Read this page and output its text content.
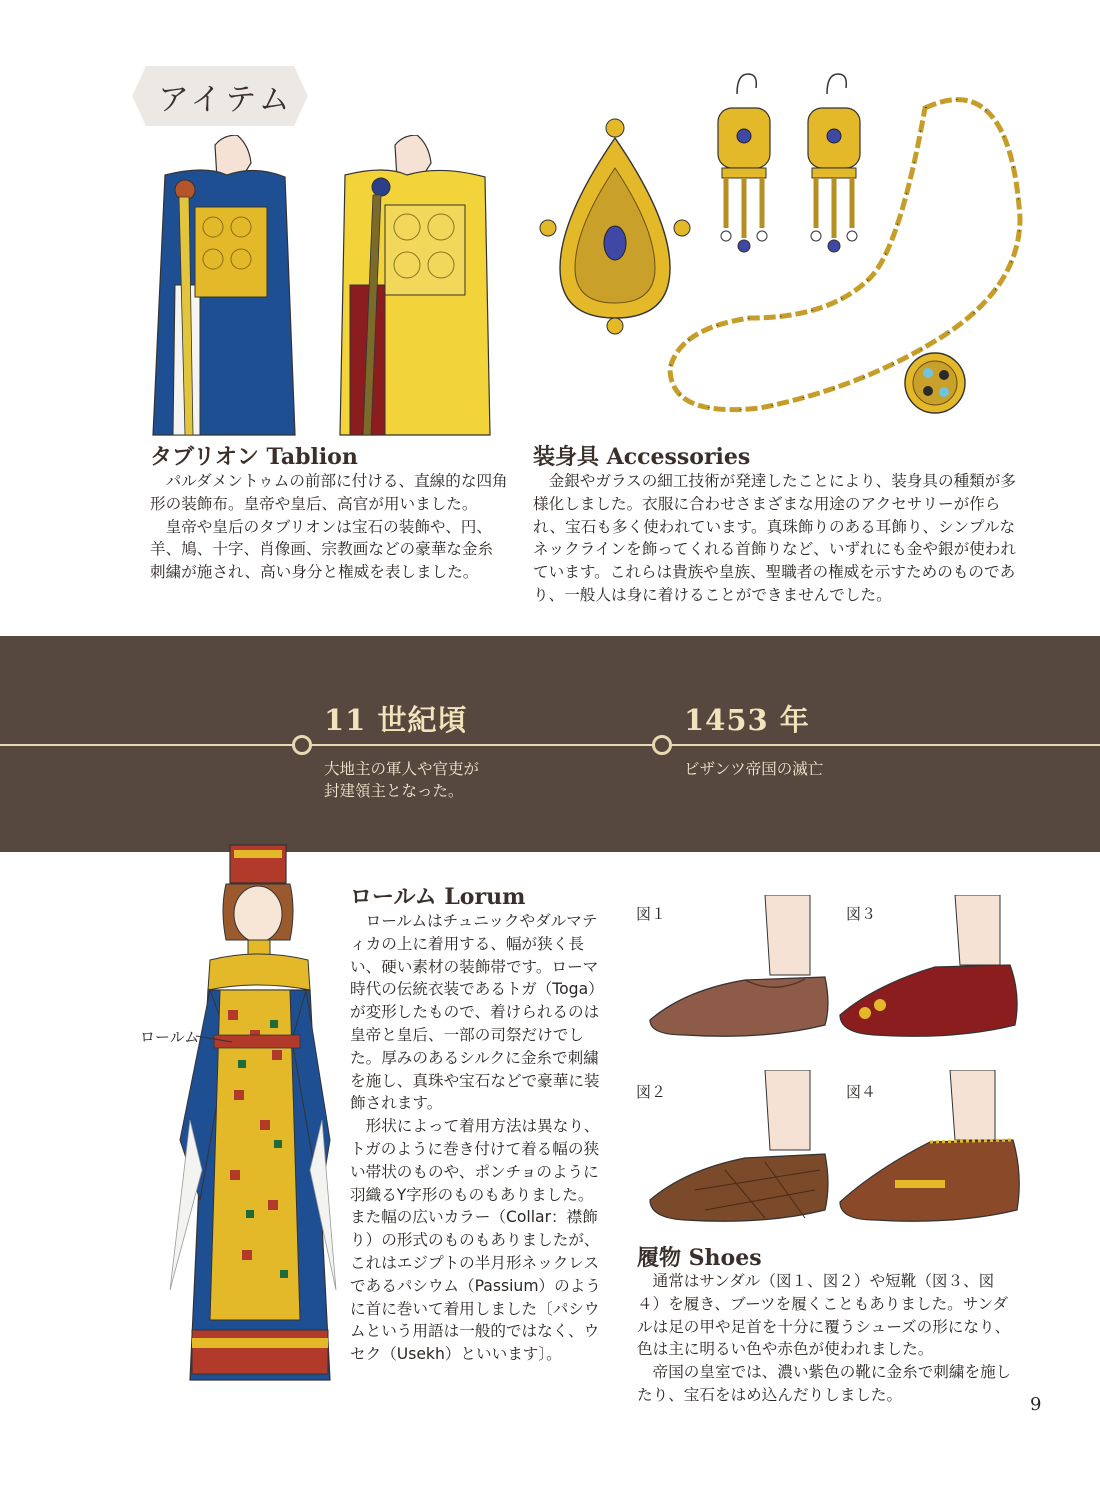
アイテム
タブリオン Tablion

パルダメントゥムの前部に付ける、直線的な四角形の装飾布。皇帝や皇后、高官が用いました。

皇帝や皇后のタブリオンは宝石の装飾や、円、羊、鳩、十字、肖像画、宗教画などの豪華な金糸刺繍が施され、高い身分と権威を表しました。

装身具 Accessories

金銀やガラスの細工技術が発達したことにより、装身具の種類が多様化しました。衣服に合わせさまざまな用途のアクセサリーが作られ、宝石も多く使われています。真珠飾りのある耳飾り、シンプルなネックラインを飾ってくれる首飾りなど、いずれにも金や銀が使われています。これらは貴族や皇族、聖職者の権威を示すためのものであり、一般人は身に着けることができませんでした。

11 世紀頃
大地主の軍人や官吏が
封建領主となった。
1453 年
ビザンツ帝国の滅亡
ロールム
ロールム Lorum

ロールムはチュニックやダルマティカの上に着用する、幅が狭く長い、硬い素材の装飾帯です。ローマ時代の伝統衣装であるトガ（Toga）が変形したもので、着けられるのは皇帝と皇后、一部の司祭だけでした。厚みのあるシルクに金糸で刺繍を施し、真珠や宝石などで豪華に装飾されます。

形状によって着用方法は異なり、トガのように巻き付けて着る幅の狭い帯状のものや、ポンチョのように羽織るY字形のものもありました。また幅の広いカラー（Collar：襟飾り）の形式のものもありましたが、これはエジプトの半月形ネックレスであるパシウム（Passium）のように首に巻いて着用しました〔パシウムという用語は一般的ではなく、ウセク（Usekh）といいます〕。

図１	図３
図２	図４
履物 Shoes

通常はサンダル（図１、図２）や短靴（図３、図４）を履き、ブーツを履くこともありました。サンダルは足の甲や足首を十分に覆うシューズの形になり、色は主に明るい色や赤色が使われました。

帝国の皇室では、濃い紫色の靴に金糸で刺繍を施したり、宝石をはめ込んだりしました。	9
